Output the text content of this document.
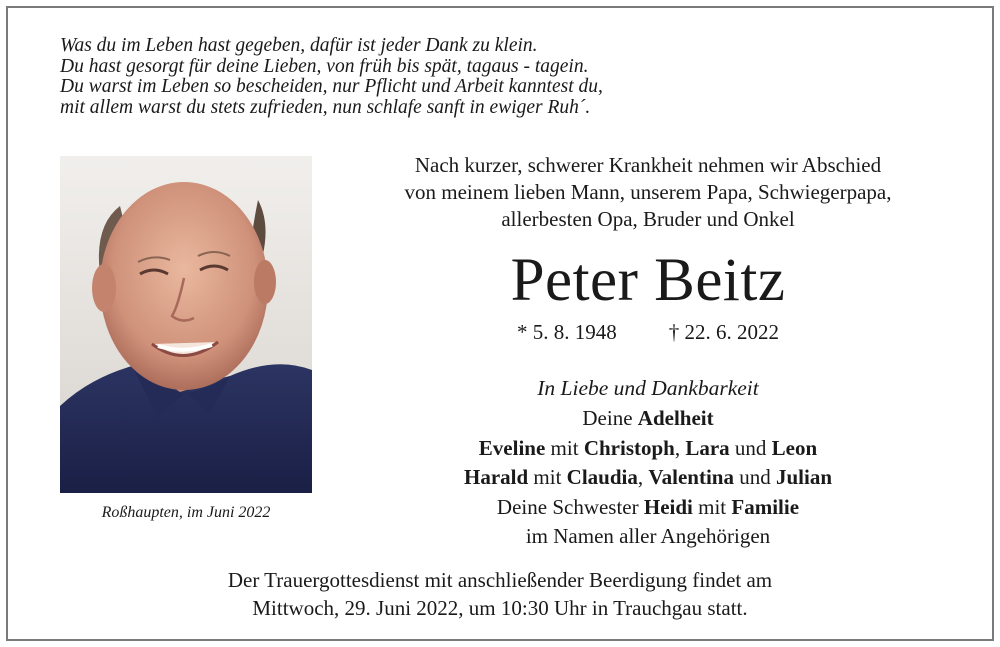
Was du im Leben hast gegeben, dafür ist jeder Dank zu klein.
Du hast gesorgt für deine Lieben, von früh bis spät, tagaus - tagein.
Du warst im Leben so bescheiden, nur Pflicht und Arbeit kanntest du,
mit allem warst du stets zufrieden, nun schlafe sanft in ewiger Ruh´.
Roßhaupten, im Juni 2022
Nach kurzer, schwerer Krankheit nehmen wir Abschied
von meinem lieben Mann, unserem Papa, Schwiegerpapa,
allerbesten Opa, Bruder und Onkel
Peter Beitz
* 5. 8. 1948 † 22. 6. 2022
In Liebe und Dankbarkeit
Deine Adelheit
Eveline mit Christoph, Lara und Leon
Harald mit Claudia, Valentina und Julian
Deine Schwester Heidi mit Familie
im Namen aller Angehörigen
Der Trauergottesdienst mit anschließender Beerdigung findet am
Mittwoch, 29. Juni 2022, um 10:30 Uhr in Trauchgau statt.
